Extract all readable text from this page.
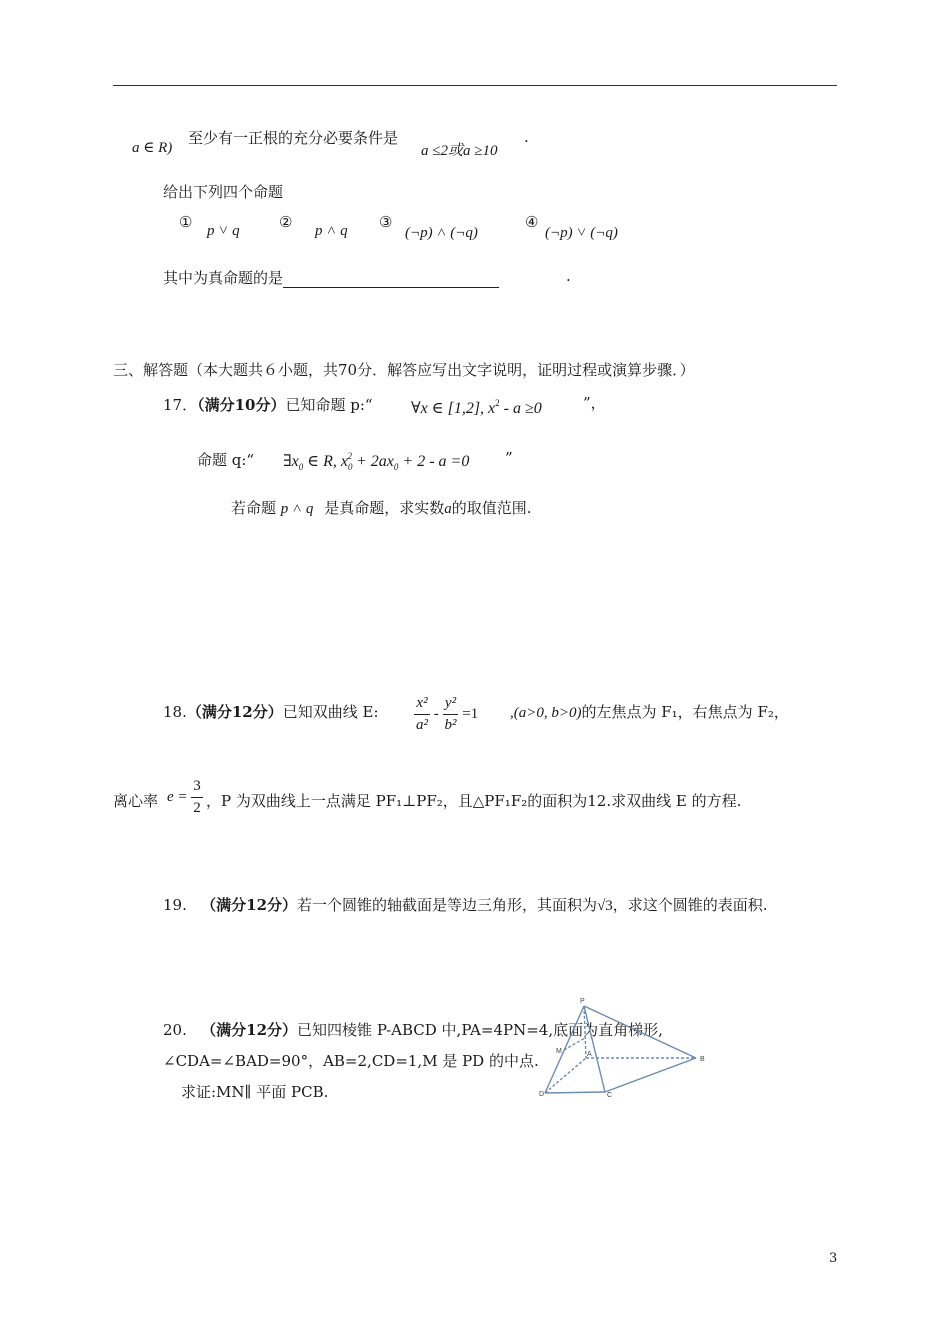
a ∈ R)
至少有一正根的充分必要条件是
a ≤2或a ≥10
·
给出下列四个命题
① p ˅ q	② p ˄ q ③
(¬p) ˄ (¬q)
④
(¬p) ˅ (¬q)
其中为真命题的是	.
三、解答题（本大题共６小题，共70分．解答应写出文字说明，证明过程或演算步骤．）
17．（满分10分）已知命题 p:“ ∀x ∈ [1,2], $x^2 - a \ge 0$	”，
命题 q:“ $\exists x_0$ ∈ R, $x_0^2 + 2ax_0 + 2 - a =0$ ”
若命题 p ˄ q 是真命题，求实数a的取值范围.
18.（满分12分）已知双曲线 E: $\frac{\text{x²}}{\text{a²}} - \frac{\text{y²}}{\text{b²}} =1$ ,(a>0, b>0)的左焦点为 F₁，右焦点为 F₂，
离心率 $e = \frac{3}{2}$ ，P 为双曲线上一点满足 PF₁⊥PF₂，且△PF₁F₂的面积为12.求双曲线 E 的方程.
19. （满分12分）若一个圆锥的轴截面是等边三角形，其面积为√3，求这个圆锥的表面积.
20. （满分12分）已知四棱锥 P-ABCD 中,PA=4PN=4,底面为直角梯形,
∠CDA=∠BAD=90°，AB=2,CD=1,M 是 PD 的中点.
求证:MN∥ 平面 PCB.
P
M	A
B
C
D
3
